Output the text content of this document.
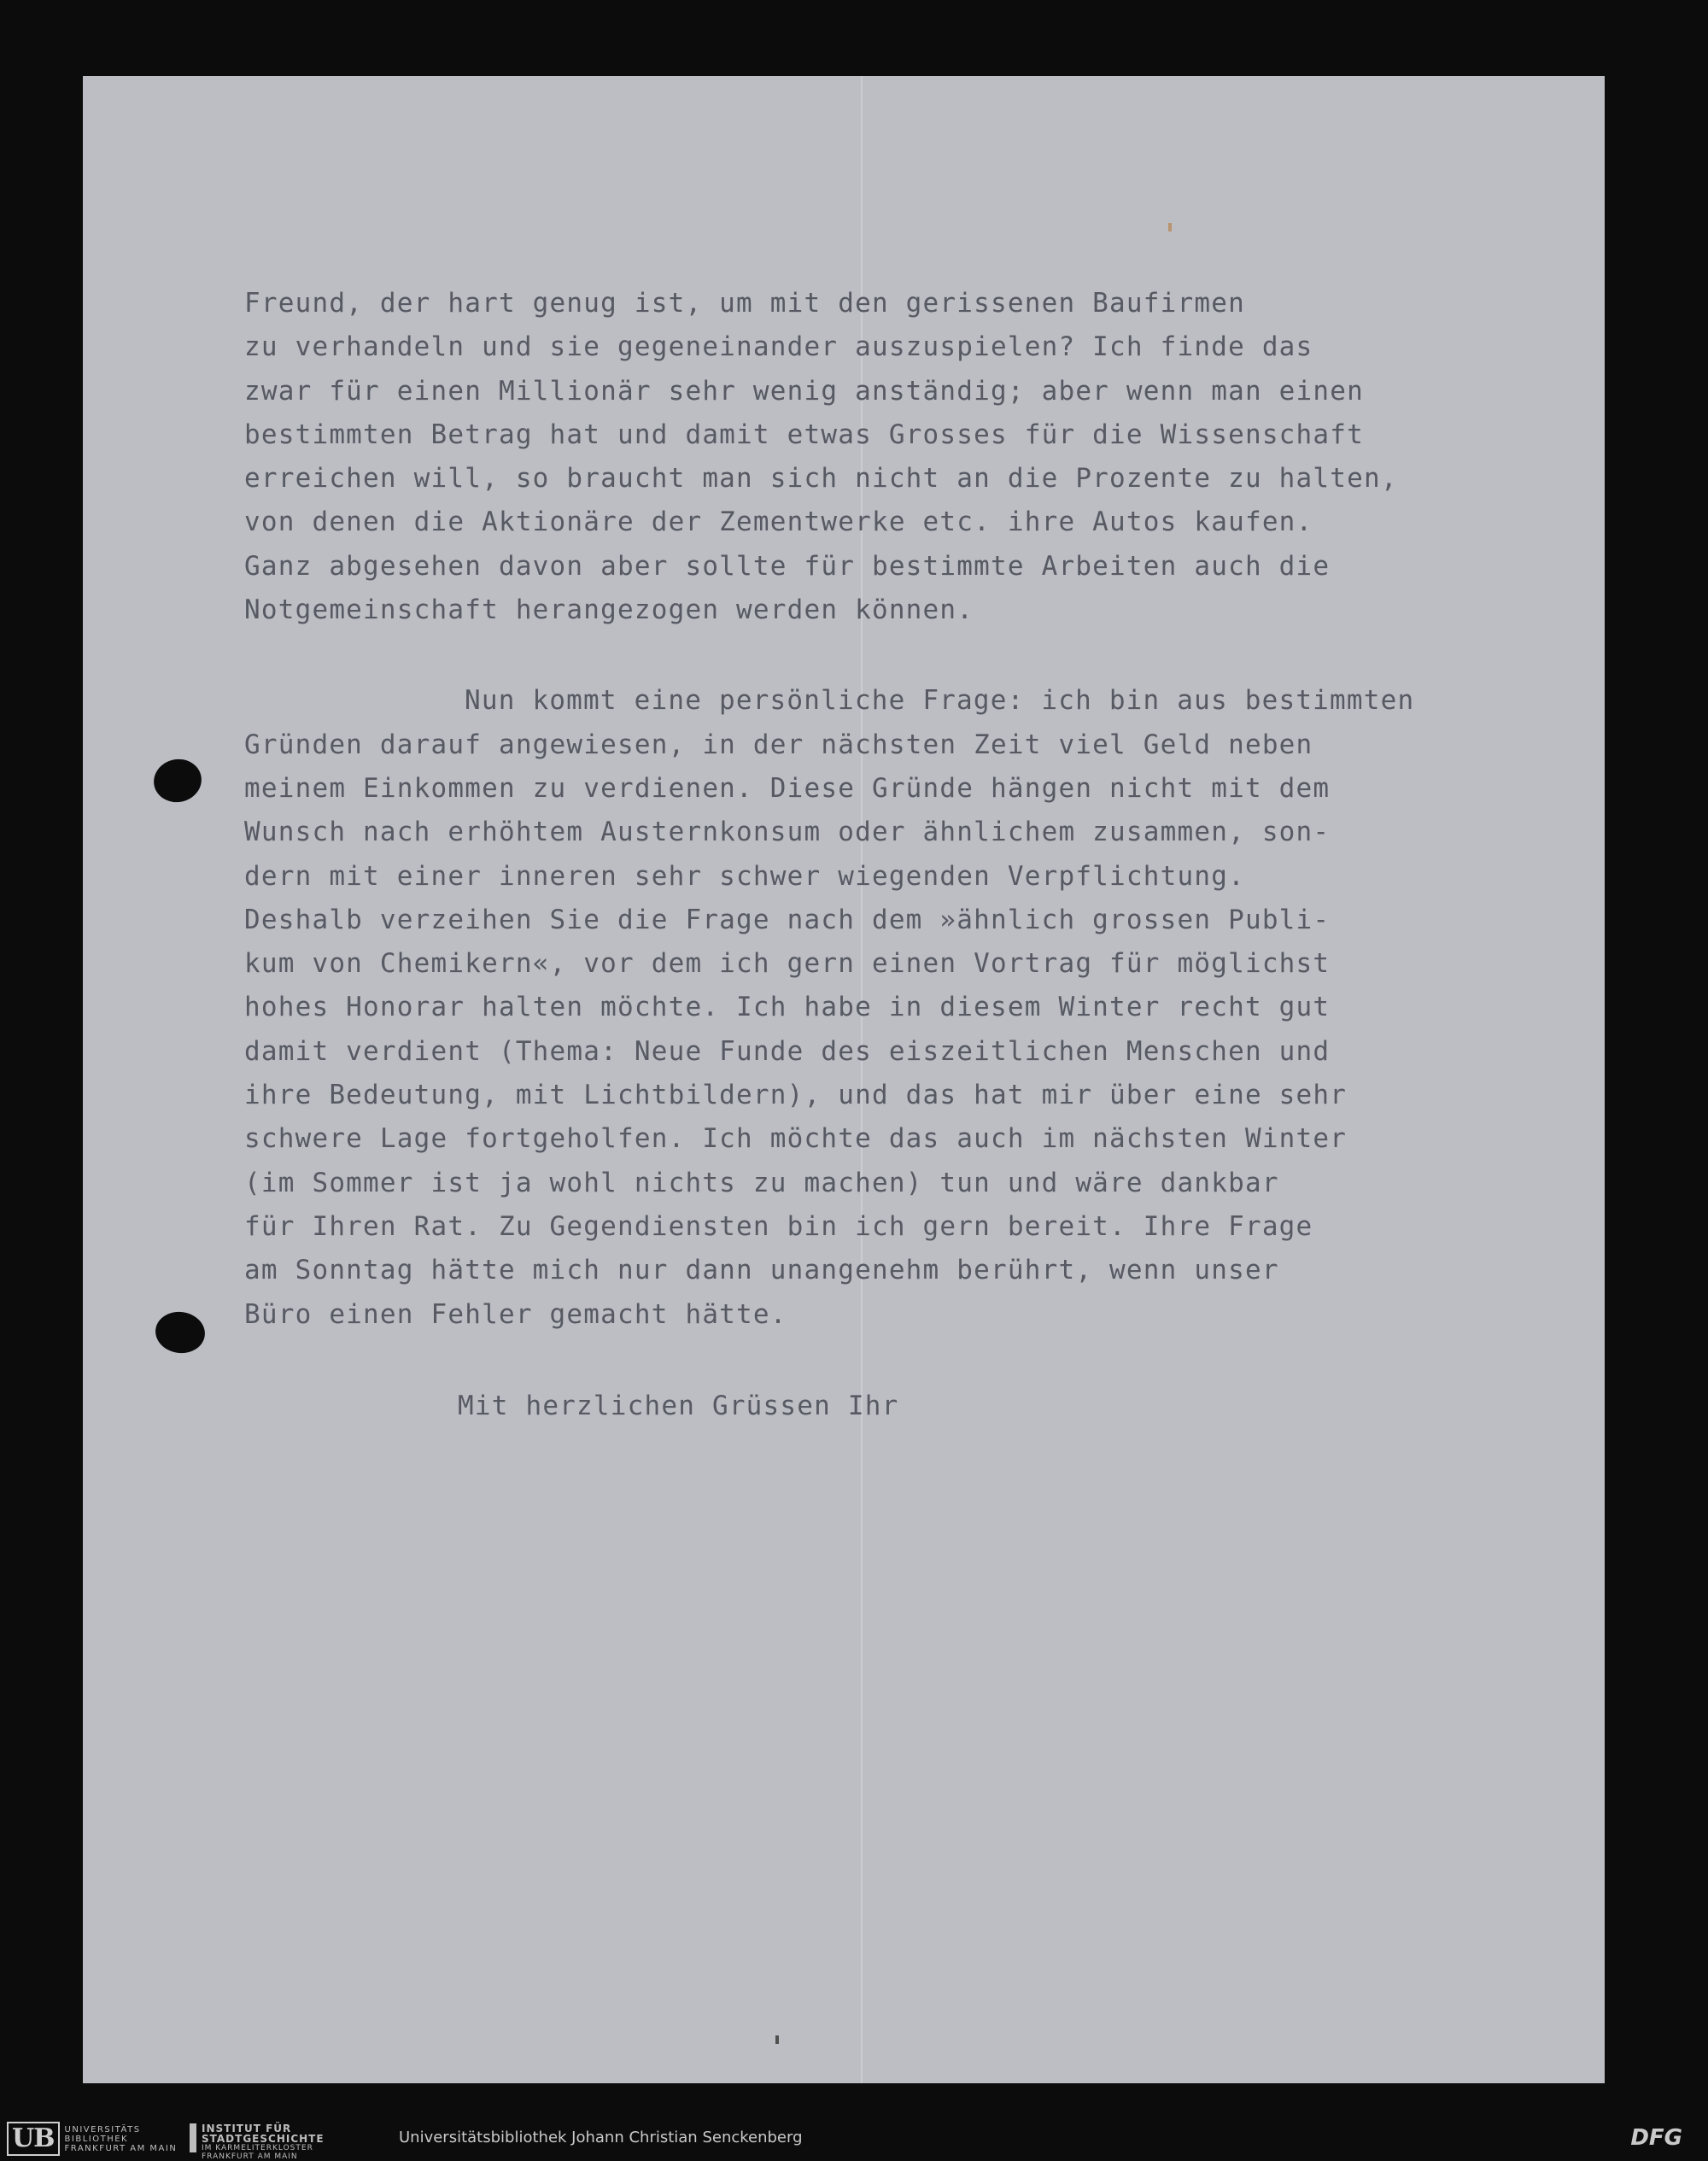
Freund, der hart genug ist, um mit den gerissenen Baufirmen
zu verhandeln und sie gegeneinander auszuspielen? Ich finde das
zwar für einen Millionär sehr wenig anständig; aber wenn man einen
bestimmten Betrag hat und damit etwas Grosses für die Wissenschaft
erreichen will, so braucht man sich nicht an die Prozente zu halten,
von denen die Aktionäre der Zementwerke etc. ihre Autos kaufen.
Ganz abgesehen davon aber sollte für bestimmte Arbeiten auch die
Notgemeinschaft herangezogen werden können.
Nun kommt eine persönliche Frage: ich bin aus bestimmten
Gründen darauf angewiesen, in der nächsten Zeit viel Geld neben
meinem Einkommen zu verdienen. Diese Gründe hängen nicht mit dem
Wunsch nach erhöhtem Austernkonsum oder ähnlichem zusammen, son-
dern mit einer inneren sehr schwer wiegenden Verpflichtung.
Deshalb verzeihen Sie die Frage nach dem »ähnlich grossen Publi-
kum von Chemikern«, vor dem ich gern einen Vortrag für möglichst
hohes Honorar halten möchte. Ich habe in diesem Winter recht gut
damit verdient (Thema: Neue Funde des eiszeitlichen Menschen und
ihre Bedeutung, mit Lichtbildern), und das hat mir über eine sehr
schwere Lage fortgeholfen. Ich möchte das auch im nächsten Winter
(im Sommer ist ja wohl nichts zu machen) tun und wäre dankbar
für Ihren Rat. Zu Gegendiensten bin ich gern bereit. Ihre Frage
am Sonntag hätte mich nur dann unangenehm berührt, wenn unser
Büro einen Fehler gemacht hätte.
Mit herzlichen Grüssen Ihr
UB	UNIVERSITÄTS
BIBLIOTHEK
FRANKFURT AM MAIN
INSTITUT FÜR
STADTGESCHICHTE
IM KARMELITERKLOSTER
FRANKFURT AM MAIN
Universitätsbibliothek Johann Christian Senckenberg	DFG
